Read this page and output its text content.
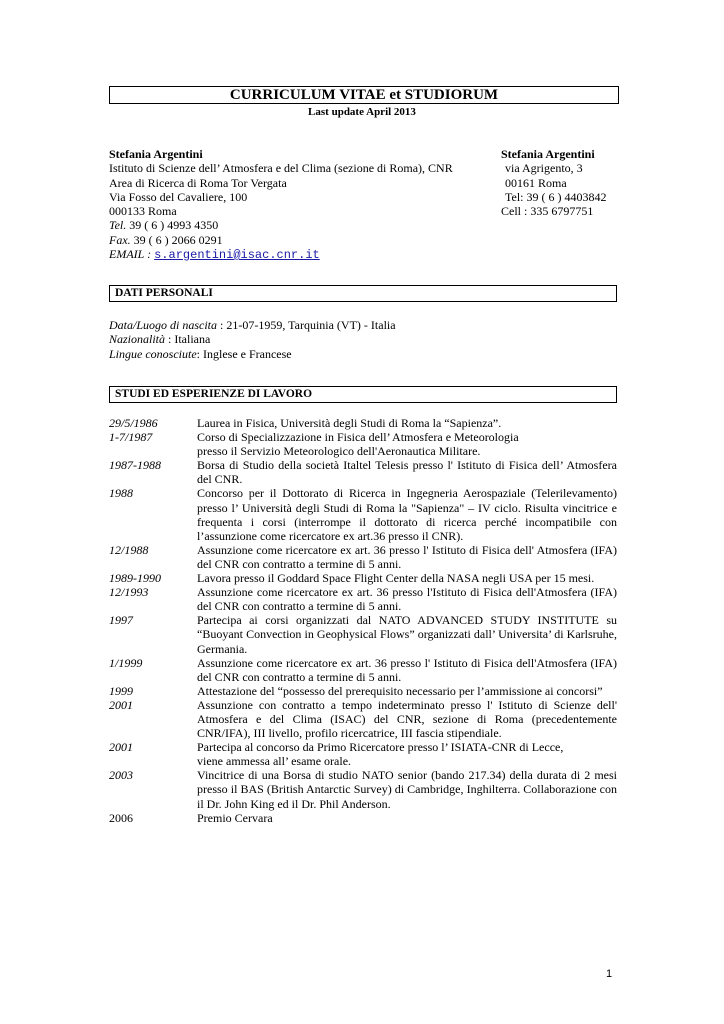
CURRICULUM VITAE et STUDIORUM
Last update April 2013
Stefania Argentini
Istituto di Scienze dell’ Atmosfera e del Clima (sezione di Roma), CNR
Area di Ricerca di Roma Tor Vergata
Via Fosso del Cavaliere, 100
000133 Roma
Tel. 39 ( 6 ) 4993 4350
Fax. 39 ( 6 ) 2066 0291
EMAIL : s.argentini@isac.cnr.it
Stefania Argentini
via Agrigento, 3
00161 Roma
Tel: 39 ( 6 ) 4403842
Cell : 335 6797751
DATI PERSONALI
Data/Luogo di nascita : 21-07-1959, Tarquinia (VT) - Italia
Nazionalità : Italiana
Lingue conosciute: Inglese e Francese
STUDI ED ESPERIENZE DI LAVORO
29/5/1986	Laurea in Fisica, Università degli Studi di Roma la “Sapienza”.

1-7/1987	Corso di Specializzazione in Fisica dell’ Atmosfera e Meteorologia

presso il Servizio Meteorologico dell'Aeronautica Militare.

1987-1988	Borsa di Studio della società Italtel Telesis presso l' Istituto di Fisica dell’ Atmosfera del CNR.

1988	Concorso per il Dottorato di Ricerca in Ingegneria Aerospaziale (Telerilevamento) presso l’ Università degli Studi di Roma la "Sapienza" – IV ciclo. Risulta vincitrice e frequenta i corsi (interrompe il dottorato di ricerca perché incompatibile con l’assunzione come ricercatore ex art.36 presso il CNR).

12/1988	Assunzione come ricercatore ex art. 36 presso l' Istituto di Fisica dell' Atmosfera (IFA) del CNR con contratto a termine di 5 anni.

1989-1990	Lavora presso il Goddard Space Flight Center della NASA negli USA per 15 mesi.

12/1993	Assunzione come ricercatore ex art. 36 presso l'Istituto di Fisica dell'Atmosfera (IFA) del CNR con contratto a termine di 5 anni.

1997	Partecipa ai corsi organizzati dal NATO ADVANCED STUDY INSTITUTE su “Buoyant Convection in Geophysical Flows” organizzati dall’ Universita’ di Karlsruhe, Germania.

1/1999	Assunzione come ricercatore ex art. 36 presso l' Istituto di Fisica dell'Atmosfera (IFA) del CNR con contratto a termine di 5 anni.

1999	Attestazione del “possesso del prerequisito necessario per l’ammissione ai concorsi”

2001	Assunzione con contratto a tempo indeterminato presso l' Istituto di Scienze dell' Atmosfera e del Clima (ISAC) del CNR, sezione di Roma (precedentemente CNR/IFA), III livello, profilo ricercatrice, III fascia stipendiale.

2001	Partecipa al concorso da Primo Ricercatore presso l’ ISIATA-CNR di Lecce,

viene ammessa all’ esame orale.

2003	Vincitrice di una Borsa di studio NATO senior (bando 217.34) della durata di 2 mesi presso il BAS (British Antarctic Survey) di Cambridge, Inghilterra. Collaborazione con il Dr. John King ed il Dr. Phil Anderson.

2006	Premio Cervara

1
